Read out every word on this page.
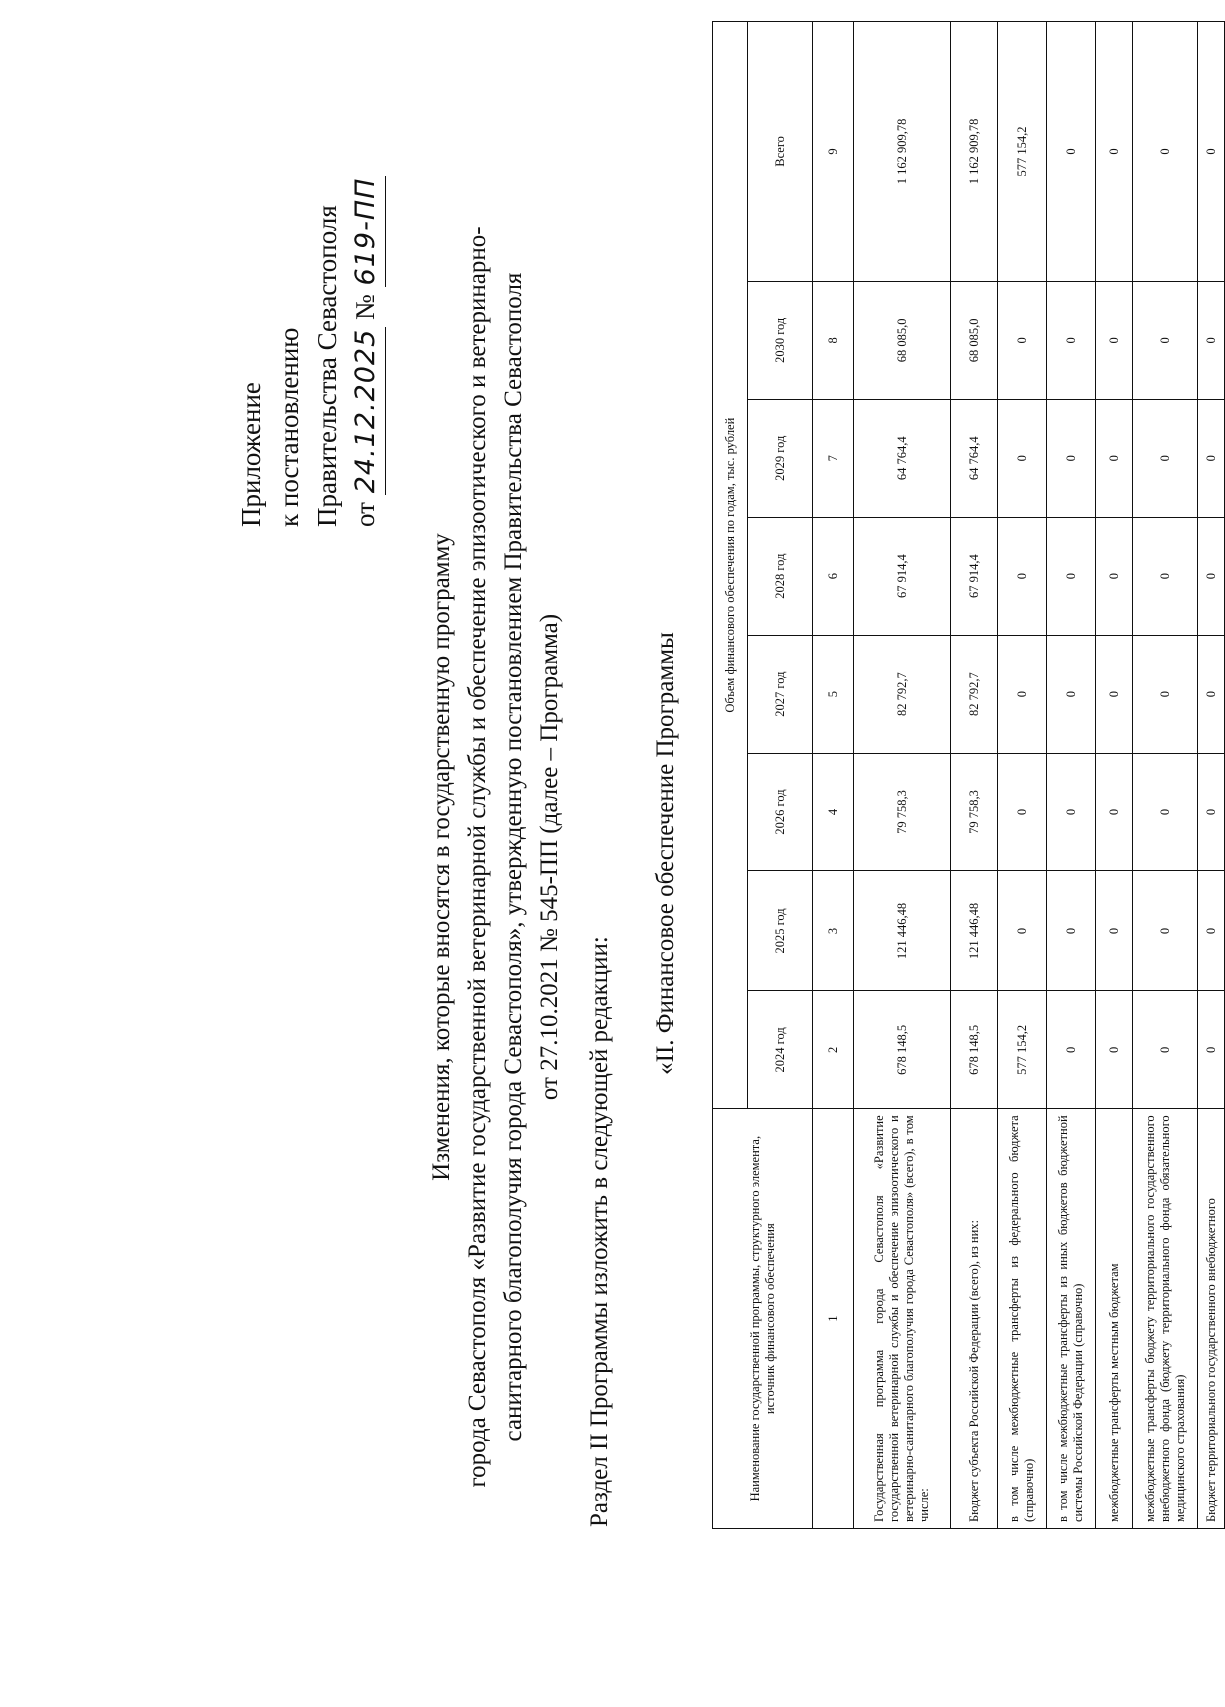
Приложение к постановлению Правительства Севастополя от 24.12.2025 № 619-ПП
Изменения, которые вносятся в государственную программу города Севастополя «Развитие государственной ветеринарной службы и обеспечение эпизоотического и ветеринарно- санитарного благополучия города Севастополя», утвержденную постановлением Правительства Севастополя от 27.10.2021 № 545-ПП (далее – Программа)
Раздел II Программы изложить в следующей редакции:
«II. Финансовое обеспечение Программы
Наименование государственной программы, структурного элемента, источник финансового обеспечения	Объем финансового обеспечения по годам, тыс. рублей							
	2024 год	2025 год	2026 год	2027 год	2028 год	2029 год	2030 год	Всего
1	2	3	4	5	6	7	8	9
Государственная программа города Севастополя «Развитие государственной ветеринарной службы и обеспечение эпизоотического и ветеринарно-санитарного благополучия города Севастополя» (всего), в том числе:	678 148,5	121 446,48	79 758,3	82 792,7	67 914,4	64 764,4	68 085,0	1 162 909,78
Бюджет субъекта Российской Федерации (всего), из них:	678 148,5	121 446,48	79 758,3	82 792,7	67 914,4	64 764,4	68 085,0	1 162 909,78
в том числе межбюджетные трансферты из федерального бюджета (справочно)	577 154,2	0	0	0	0	0	0	577 154,2
в том числе межбюджетные трансферты из иных бюджетов бюджетной системы Российской Федерации (справочно)	0	0	0	0	0	0	0	0
межбюджетные трансферты местным бюджетам	0	0	0	0	0	0	0	0
межбюджетные трансферты бюджету территориального государственного внебюджетного фонда (бюджету территориального фонда обязательного медицинского страхования)	0	0	0	0	0	0	0	0
Бюджет территориального государственного внебюджетного	0	0	0	0	0	0	0	0
